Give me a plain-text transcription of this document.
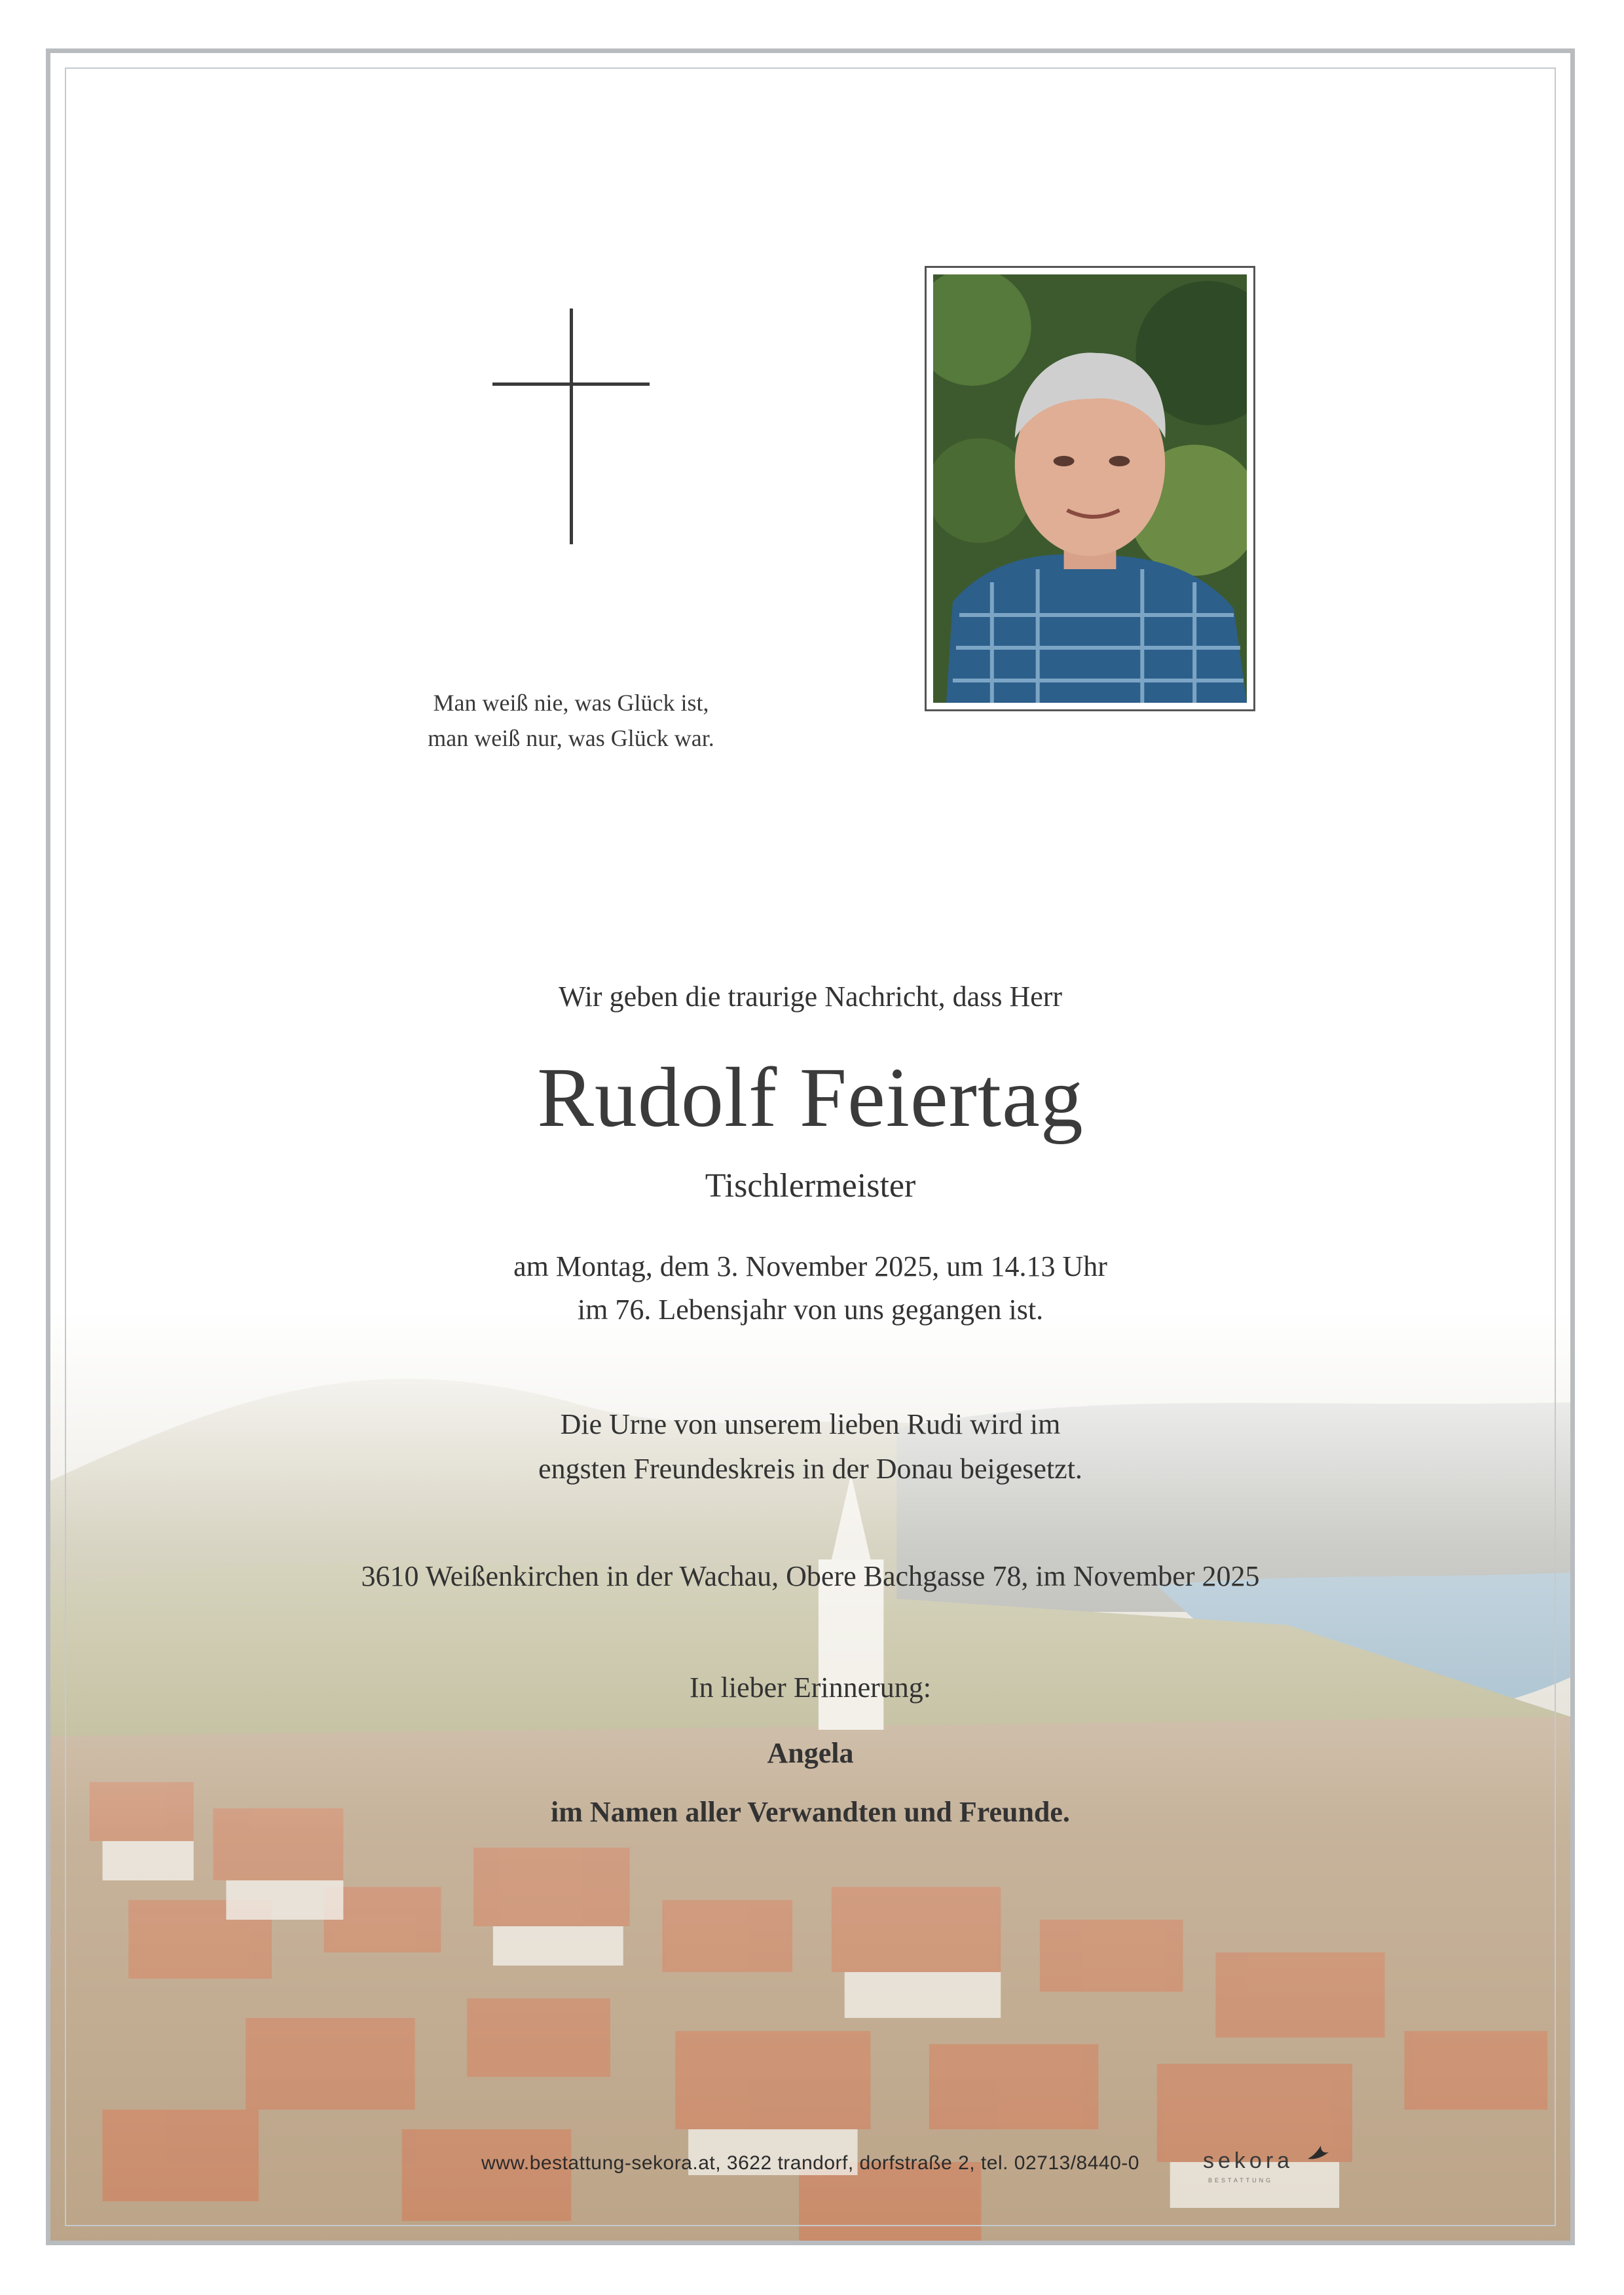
Man weiß nie, was Glück ist,
man weiß nur, was Glück war.
Wir geben die traurige Nachricht, dass Herr
Rudolf Feiertag
Tischlermeister
am Montag, dem 3. November 2025, um 14.13 Uhr
im 76. Lebensjahr von uns gegangen ist.
Die Urne von unserem lieben Rudi wird im
engsten Freundeskreis in der Donau beigesetzt.
3610 Weißenkirchen in der Wachau, Obere Bachgasse 78, im November 2025
In lieber Erinnerung:
Angela
im Namen aller Verwandten und Freunde.
www.bestattung-sekora.at, 3622 trandorf, dorfstraße 2, tel. 02713/8440-0	sekora
BESTATTUNG
